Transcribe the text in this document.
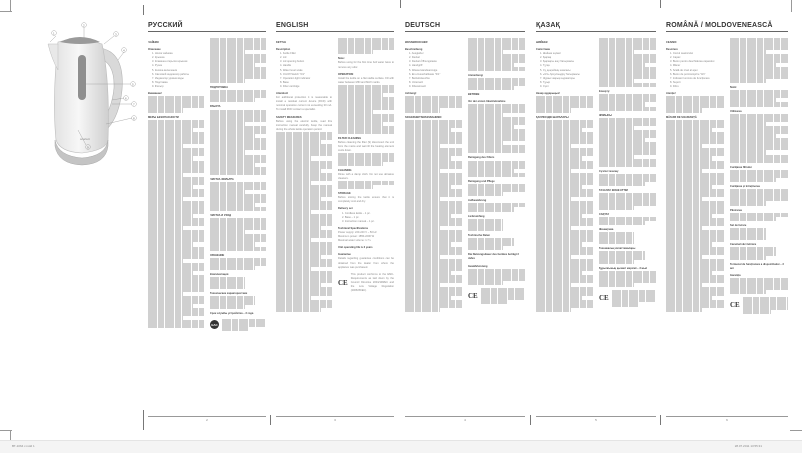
scarlett
2
1	3
4
5
6
7
8
9
РУССКИЙ
ЧАЙНИК
Описание
1. Носик чайника
2. Крышка
3. Клавиша открытия крышки
4. Ручка
5. Кнопка включения
6. Световой индикатор работы
7. Индикатор уровня воды
8. Подставка
9. Фильтр
Внимание!
МЕРЫ БЕЗОПАСНОСТИ
ПОДГОТОВКА
РАБОТА
ЧИСТКА ФИЛЬТРА
ЧИСТКА И УХОД
ХРАНЕНИЕ
Комплектация
Технические характеристики
Срок службы устройства – 3 года
EAC
2
ENGLISH
KETTLE
Description
1. Kettle Filler
2. Lid
3. Lid opening button
4. Handle
5. Water level scale
6. On/Off Switch "0/1"
7. Operation light indicator
8. Base
9. Filter cartridge
Attention!
For additional protection it is reasonable to install a residual current device (RCD) with nominal operation current not exceeding 30 mA. To install RCD contact a specialist.
SAFETY MEASURES
Before using the electric kettle, read this instruction manual carefully. Keep the manual during the whole kettle operation period.
Note:
Before using for the first time boil water twice to remove any odor.
OPERATION
Install the kettle on a flat stable surface. Fill with water between MIN and MAX marks.
FILTER CLEANING
Before cleaning the filter (9) disconnect the unit from the mains and wait till the heating element cools down.
CLEANING
Rinse with a damp cloth. Do not use abrasive cleaners.
STORAGE
Before storing the kettle ensure that it is completely cool and dry.
Delivery set
1. Cordless kettle – 1 pc.
2. Base – 1 pc.
3. Instruction manual – 1 pc.
Technical Specifications
Power supply: 220-240 V ~ 50 Hz
Maximum power: 1850-2200 W
Maximal water volume: 1.7 L
Unit operating life is 3 years
Guarantee
Details regarding guarantee conditions can be obtained from the dealer from whom the appliance was purchased.
CE
This product conforms to the EMC-Requirements as laid down by the Council Directive 2004/108/EC and the Low Voltage Regulation (2006/95/EC).
3
DEUTSCH
WASSERKOCHER
Beschreibung
1. Ausgießer
2. Deckel
3. Deckel-Öffnungstaste
4. Handgriff
5. Wasserstandsanzeige
6. Ein-/Ausschalttaste "0/1"
7. Betriebsleuchte
8. Untersatz
9. Filtereinsatz
Achtung!
SICHERHEITSMASSNAHMEN
Anmerkung:
BETRIEB
Vor der ersten Inbetriebnahme
Reinigung des Filters
Reinigung und Pflege
Aufbewahrung
Lieferumfang
Technische Daten
Die Nutzungsdauer des Gerätes beträgt 3 Jahre
Gewährleistung
CE
4
ҚАЗАҚ
ШӘЙНЕК
Сипаттама
1. Шәйнек шүмегі
2. Қақпақ
3. Қақпақты ашу батырмасы
4. Тұтқа
5. Су деңгейінің шкаласы
6. «0/1» Қосу/сөндіру батырмасы
7. Жұмыс жарық индикаторы
8. Тұғыр
9. Сүзгі
Назар аударыңыз!
ҚАУІПСІЗДІК ШАРАЛАРЫ
Ескерту:
ЖҰМЫСЫ
Сүзгіні тазалау
ТАЗАЛАУ ЖӘНЕ КҮТІМ
САҚТАУ
Жинақтама
Техникалық сипаттамалары
Құрылғының қызмет мерзімі – 3 жыл
CE
5
ROMÂNĂ / MOLDOVENEASCĂ
CEAINIC
Descriere
1. Ciocul ceainicului
2. Capac
3. Buton pentru deschiderea capacului
4. Mâner
5. Scală de nivel al apei
6. Buton de pornire/oprire "0/1"
7. Indicator luminos de funcționare
8. Suport
9. Filtru
Atenție!
MĂSURI DE SIGURANȚĂ
Notă:
Utilizarea
Curățarea filtrului
Curățarea și întreținerea
Păstrarea
Set de livrare
Caracteristici tehnice
Termenul de funcționare a dispozitivului – 3 ani
Garanția
CE
6
ВТ-1064 с.indd 1	28.07.2011 13:55:31
